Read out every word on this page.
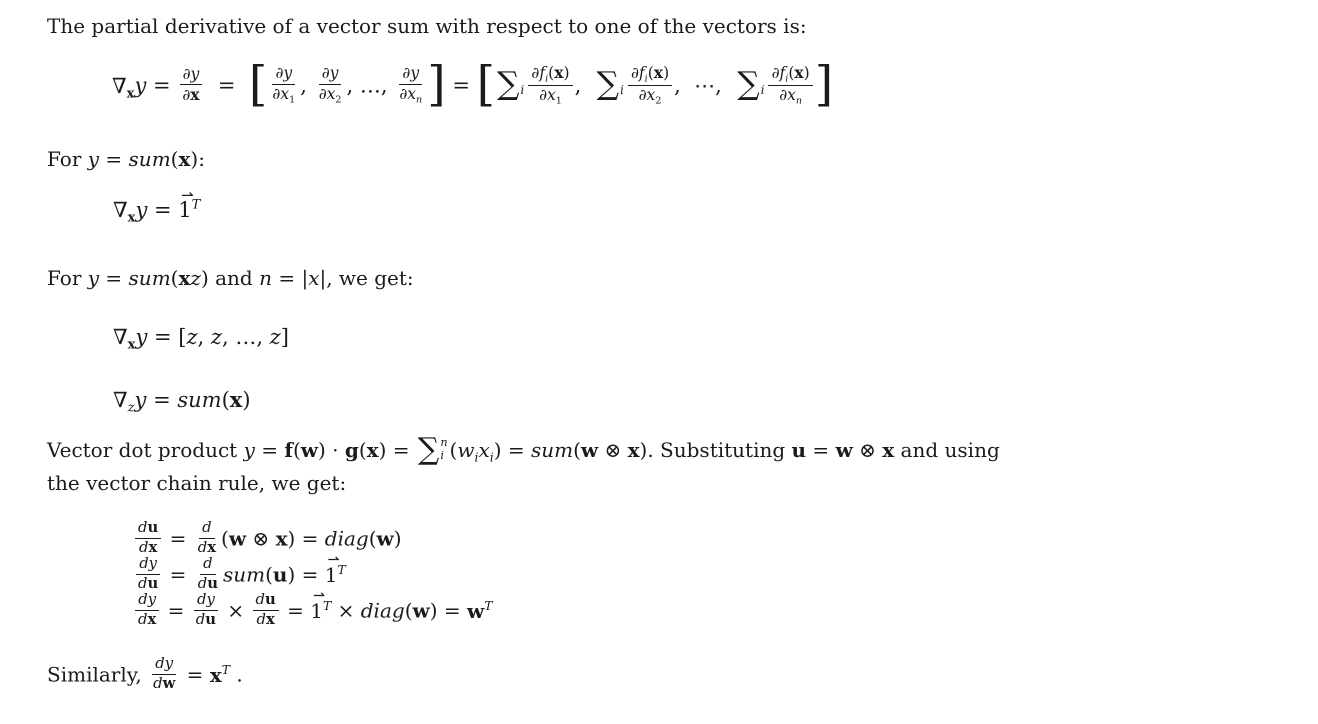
The partial derivative of a vector sum with respect to one of the vectors is:
$\nabla_xy = \frac{\partial y}{\partial x}$ =  [ $\frac{\partial y}{\partial x_1}$ , $\frac{\partial y}{\partial x_2}$ , …, $\frac{\partial y}{\partial x_n}$ ] = [ ∑ i $\frac{\partial f_i(x)}{\partial x_1}$ , ∑ i $\frac{\partial f_i(x)}{\partial x_2}$ ,  ⋯, ∑ i $\frac{\partial f_i(x)}{\partial x_n}$ ]
For y = sum(x):
$\nabla_xy$ =
⇀
$1^T$
For y = sum(xz) and n = |x|, we get:
$\nabla_xy = [z$, z, …, z]
$\nabla_zy = sum(x)$
Vector dot product y = f(w) · g(x) = ∑ n
i $(w_ix_i) = sum(w$ ⊗ x). Substituting u = w ⊗ x and using
the vector chain rule, we get:
$\frac{du}{dx} = \frac{d}{dx} (w$ ⊗ x) = diag(w)
$\frac{dy}{du} = \frac{d}{du} sum(u)$ =
⇀
$1^T$
$\frac{dy}{dx} = \frac{dy}{du} \times \frac{du}{dx}$ =
⇀
$1^T$ × diag(w) = $w^T$
Similarly, $\frac{dy}{dw} = x^T$ .
